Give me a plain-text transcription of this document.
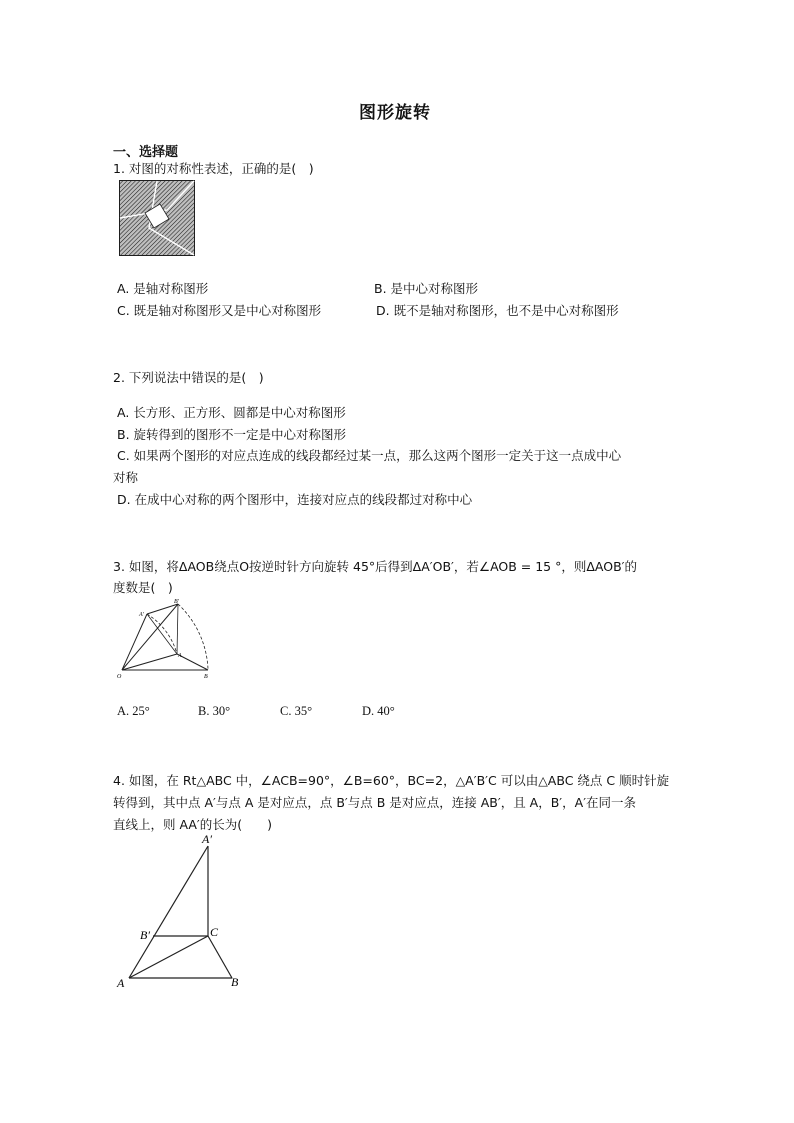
图形旋转
一、选择题
1. 对图的对称性表述，正确的是(　)
A. 是轴对称图形	B. 是中心对称图形
C. 既是轴对称图形又是中心对称图形	D. 既不是轴对称图形，也不是中心对称图形
2. 下列说法中错误的是(　)
A. 长方形、正方形、圆都是中心对称图形
B. 旋转得到的图形不一定是中心对称图形
C. 如果两个图形的对应点连成的线段都经过某一点，那么这两个图形一定关于这一点成中心
对称
D. 在成中心对称的两个图形中，连接对应点的线段都过对称中心
3. 如图，将ΔAOB绕点O按逆时针方向旋转 45°后得到ΔA′OB′，若∠AOB = 15 °，则ΔAOB′的
度数是(　)
B′
A′
A
O	B
A. 25°	B. 30°	C. 35°	D. 40°
4. 如图，在 Rt△ABC 中，∠ACB=90°，∠B=60°，BC=2，△A′B′C 可以由△ABC 绕点 C 顺时针旋
转得到，其中点 A′与点 A 是对应点，点 B′与点 B 是对应点，连接 AB′，且 A，B′，A′在同一条
直线上，则 AA′的长为(　　)
A′
B′	C
A	B
